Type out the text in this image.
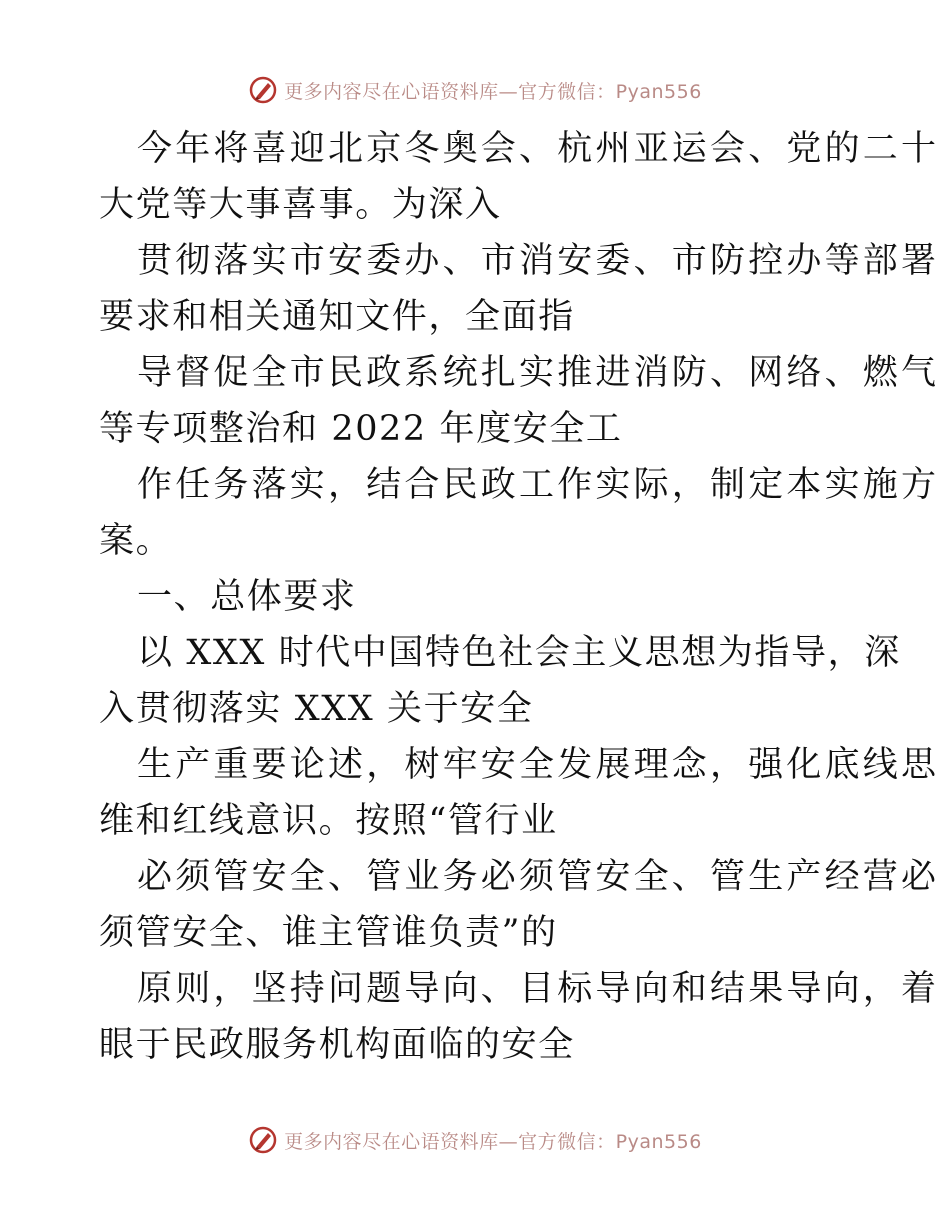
更多内容尽在心语资料库—官方微信：Pyan556
今年将喜迎北京冬奥会、杭州亚运会、党的二十
大党等大事喜事。为深入
贯彻落实市安委办、市消安委、市防控办等部署
要求和相关通知文件，全面指
导督促全市民政系统扎实推进消防、网络、燃气
等专项整治和 2022 年度安全工
作任务落实，结合民政工作实际，制定本实施方
案。
一、总体要求
以 XXX 时代中国特色社会主义思想为指导，深
入贯彻落实 XXX 关于安全
生产重要论述，树牢安全发展理念，强化底线思
维和红线意识。按照“管行业
必须管安全、管业务必须管安全、管生产经营必
须管安全、谁主管谁负责”的
原则，坚持问题导向、目标导向和结果导向，着
眼于民政服务机构面临的安全
更多内容尽在心语资料库—官方微信：Pyan556
